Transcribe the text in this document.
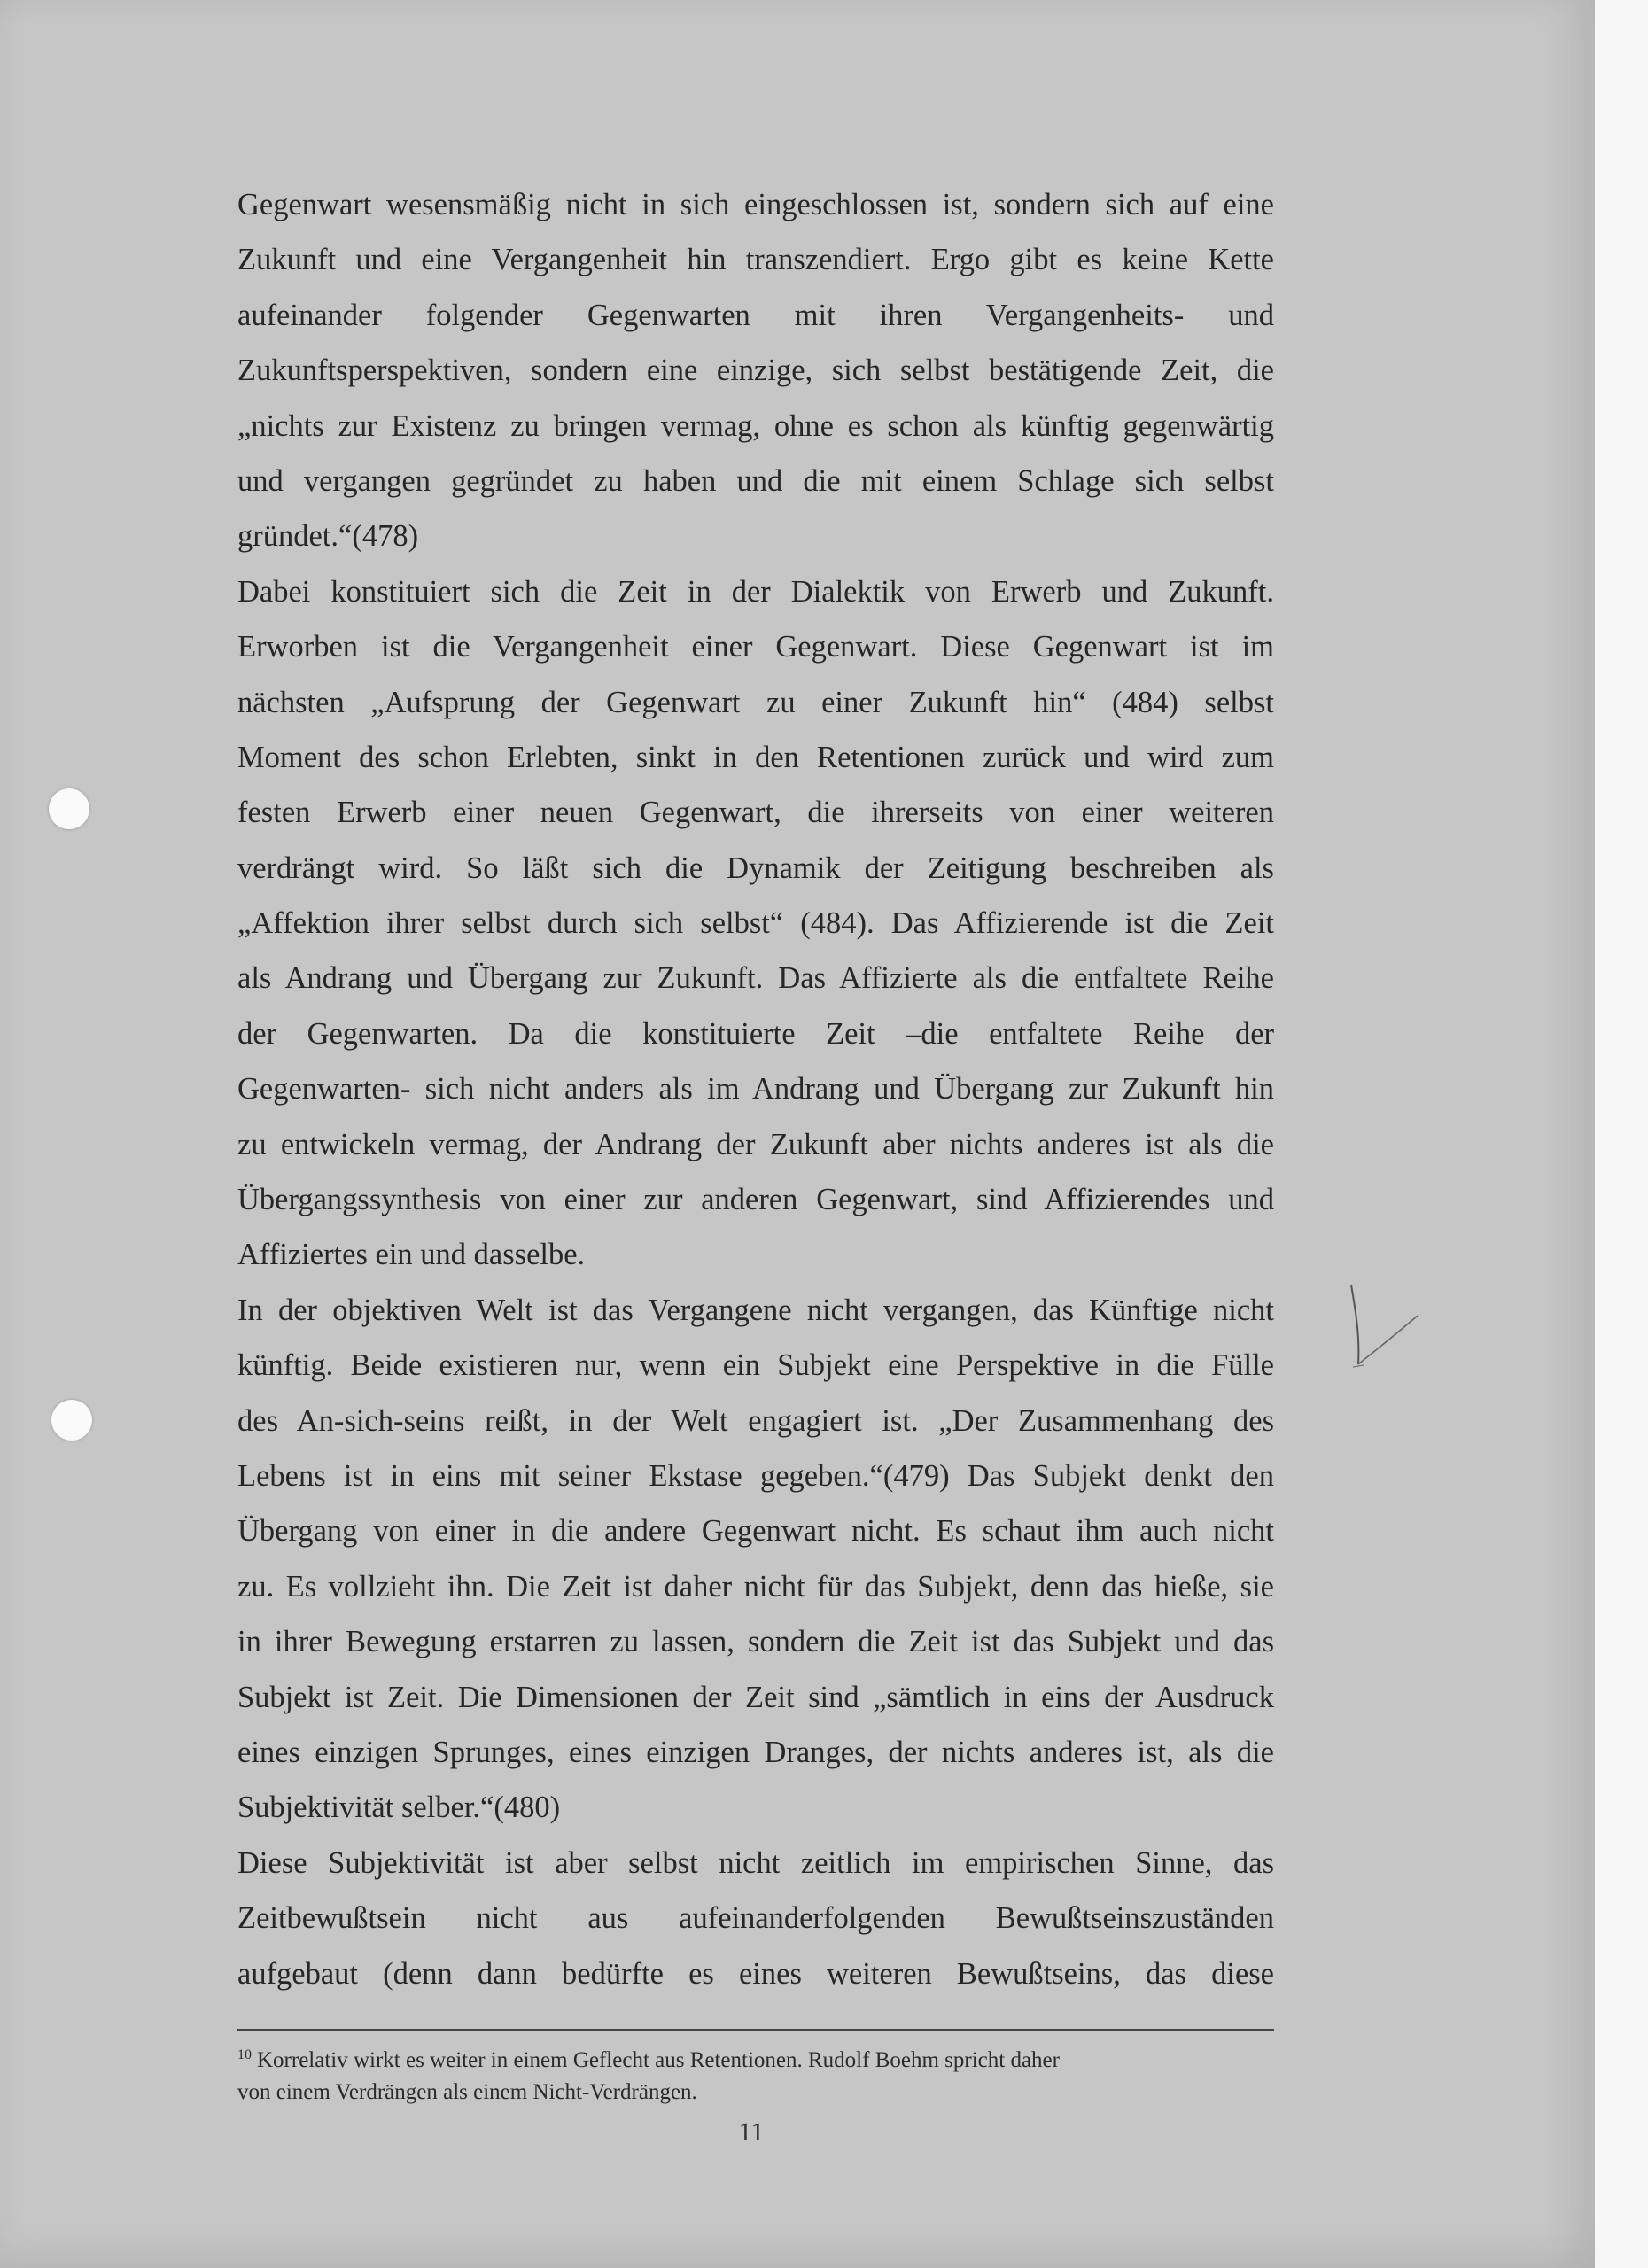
Gegenwart wesensmäßig nicht in sich eingeschlossen ist, sondern sich auf eine
Zukunft und eine Vergangenheit hin transzendiert. Ergo gibt es keine Kette
aufeinander folgender Gegenwarten mit ihren Vergangenheits- und
Zukunftsperspektiven, sondern eine einzige, sich selbst bestätigende Zeit, die
„nichts zur Existenz zu bringen vermag, ohne es schon als künftig gegenwärtig
und vergangen gegründet zu haben und die mit einem Schlage sich selbst
gründet.“(478)
Dabei konstituiert sich die Zeit in der Dialektik von Erwerb und Zukunft.
Erworben ist die Vergangenheit einer Gegenwart. Diese Gegenwart ist im
nächsten „Aufsprung der Gegenwart zu einer Zukunft hin“ (484) selbst
Moment des schon Erlebten, sinkt in den Retentionen zurück und wird zum
festen Erwerb einer neuen Gegenwart, die ihrerseits von einer weiteren
verdrängt wird. So läßt sich die Dynamik der Zeitigung beschreiben als
„Affektion ihrer selbst durch sich selbst“ (484). Das Affizierende ist die Zeit
als Andrang und Übergang zur Zukunft. Das Affizierte als die entfaltete Reihe
der Gegenwarten. Da die konstituierte Zeit –die entfaltete Reihe der
Gegenwarten- sich nicht anders als im Andrang und Übergang zur Zukunft hin
zu entwickeln vermag, der Andrang der Zukunft aber nichts anderes ist als die
Übergangssynthesis von einer zur anderen Gegenwart, sind Affizierendes und
Affiziertes ein und dasselbe.
In der objektiven Welt ist das Vergangene nicht vergangen, das Künftige nicht
künftig. Beide existieren nur, wenn ein Subjekt eine Perspektive in die Fülle
des An-sich-seins reißt, in der Welt engagiert ist. „Der Zusammenhang des
Lebens ist in eins mit seiner Ekstase gegeben.“(479) Das Subjekt denkt den
Übergang von einer in die andere Gegenwart nicht. Es schaut ihm auch nicht
zu. Es vollzieht ihn. Die Zeit ist daher nicht für das Subjekt, denn das hieße, sie
in ihrer Bewegung erstarren zu lassen, sondern die Zeit ist das Subjekt und das
Subjekt ist Zeit. Die Dimensionen der Zeit sind „sämtlich in eins der Ausdruck
eines einzigen Sprunges, eines einzigen Dranges, der nichts anderes ist, als die
Subjektivität selber.“(480)
Diese Subjektivität ist aber selbst nicht zeitlich im empirischen Sinne, das
Zeitbewußtsein nicht aus aufeinanderfolgenden Bewußtseinszuständen
aufgebaut (denn dann bedürfte es eines weiteren Bewußtseins, das diese
$^{10}$ Korrelativ wirkt es weiter in einem Geflecht aus Retentionen. Rudolf Boehm spricht daher
von einem Verdrängen als einem Nicht-Verdrängen.
11
